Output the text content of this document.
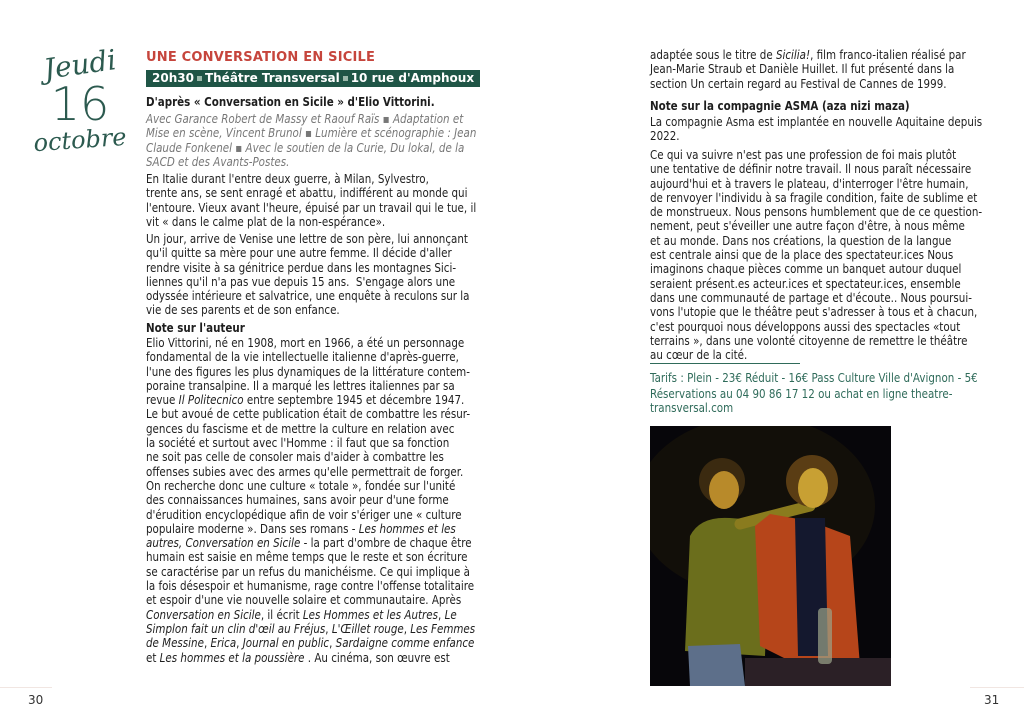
Jeudi
16
octobre
UNE CONVERSATION EN SICILE
20h30 Théâtre Transversal 10 rue d'Amphoux
D'après « Conversation en Sicile » d'Elio Vittorini.
Avec Garance Robert de Massy et Raouf Raïs ▪ Adaptation et
Mise en scène, Vincent Brunol ▪ Lumière et scénographie : Jean
Claude Fonkenel ▪ Avec le soutien de la Curie, Du lokal, de la
SACD et des Avants-Postes.
En Italie durant l'entre deux guerre, à Milan, Sylvestro,
trente ans, se sent enragé et abattu, indifférent au monde qui
l'entoure. Vieux avant l'heure, épuisé par un travail qui le tue, il
vit « dans le calme plat de la non-espérance».
Un jour, arrive de Venise une lettre de son père, lui annonçant
qu'il quitte sa mère pour une autre femme. Il décide d'aller
rendre visite à sa génitrice perdue dans les montagnes Sici-
liennes qu'il n'a pas vue depuis 15 ans.  S'engage alors une
odyssée intérieure et salvatrice, une enquête à reculons sur la
vie de ses parents et de son enfance.
Note sur l'auteur
Elio Vittorini, né en 1908, mort en 1966, a été un personnage
fondamental de la vie intellectuelle italienne d'après-guerre,
l'une des figures les plus dynamiques de la littérature contem-
poraine transalpine. Il a marqué les lettres italiennes par sa
revue Il Politecnico entre septembre 1945 et décembre 1947.
Le but avoué de cette publication était de combattre les résur-
gences du fascisme et de mettre la culture en relation avec
la société et surtout avec l'Homme : il faut que sa fonction
ne soit pas celle de consoler mais d'aider à combattre les
offenses subies avec des armes qu'elle permettrait de forger.
On recherche donc une culture « totale », fondée sur l'unité
des connaissances humaines, sans avoir peur d'une forme
d'érudition encyclopédique afin de voir s'ériger une « culture
populaire moderne ». Dans ses romans - Les hommes et les
autres, Conversation en Sicile - la part d'ombre de chaque être
humain est saisie en même temps que le reste et son écriture
se caractérise par un refus du manichéisme. Ce qui implique à
la fois désespoir et humanisme, rage contre l'offense totalitaire
et espoir d'une vie nouvelle solaire et communautaire. Après
Conversation en Sicile, il écrit Les Hommes et les Autres, Le
Simplon fait un clin d'œil au Fréjus, L'Œillet rouge, Les Femmes
de Messine, Erica, Journal en public, Sardaigne comme enfance
et Les hommes et la poussière . Au cinéma, son œuvre est
adaptée sous le titre de Sicilia!, film franco-italien réalisé par
Jean-Marie Straub et Danièle Huillet. Il fut présenté dans la
section Un certain regard au Festival de Cannes de 1999.
Note sur la compagnie ASMA (aza nizi maza)
La compagnie Asma est implantée en nouvelle Aquitaine depuis
2022.
Ce qui va suivre n'est pas une profession de foi mais plutôt
une tentative de définir notre travail. Il nous paraît nécessaire
aujourd'hui et à travers le plateau, d'interroger l'être humain,
de renvoyer l'individu à sa fragile condition, faite de sublime et
de monstrueux. Nous pensons humblement que de ce question-
nement, peut s'éveiller une autre façon d'être, à nous même
et au monde. Dans nos créations, la question de la langue
est centrale ainsi que de la place des spectateur.ices Nous
imaginons chaque pièces comme un banquet autour duquel
seraient présent.es acteur.ices et spectateur.ices, ensemble
dans une communauté de partage et d'écoute.. Nous poursui-
vons l'utopie que le théâtre peut s'adresser à tous et à chacun,
c'est pourquoi nous développons aussi des spectacles «tout
terrains », dans une volonté citoyenne de remettre le théâtre
au cœur de la cité.
Tarifs : Plein - 23€ Réduit - 16€ Pass Culture Ville d'Avignon - 5€
Réservations au 04 90 86 17 12 ou achat en ligne theatre-
transversal.com
30	31
